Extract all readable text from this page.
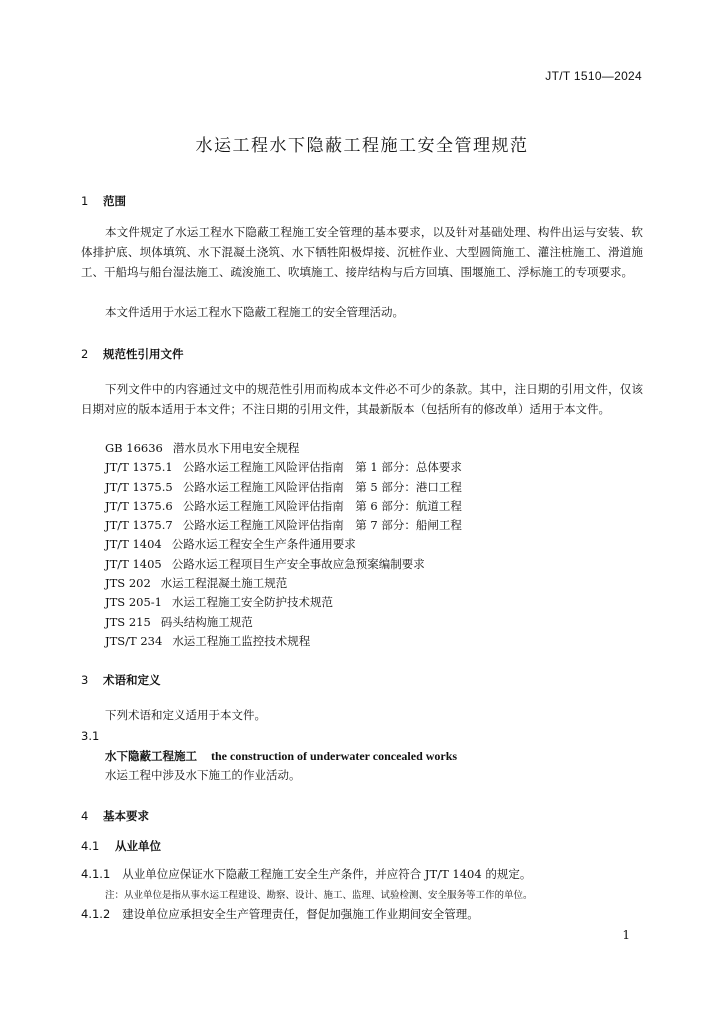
JT/T 1510—2024
水运工程水下隐蔽工程施工安全管理规范
1 范围

本文件规定了水运工程水下隐蔽工程施工安全管理的基本要求，以及针对基础处理、构件出运与安装、软体排护底、坝体填筑、水下混凝土浇筑、水下牺牲阳极焊接、沉桩作业、大型圆筒施工、灌注桩施工、滑道施工、干船坞与船台湿法施工、疏浚施工、吹填施工、接岸结构与后方回填、围堰施工、浮标施工的专项要求。

本文件适用于水运工程水下隐蔽工程施工的安全管理活动。

2 规范性引用文件

下列文件中的内容通过文中的规范性引用而构成本文件必不可少的条款。其中，注日期的引用文件，仅该日期对应的版本适用于本文件；不注日期的引用文件，其最新版本（包括所有的修改单）适用于本文件。

GB 16636 潜水员水下用电安全规程
JT/T 1375.1 公路水运工程施工风险评估指南　第 1 部分：总体要求
JT/T 1375.5 公路水运工程施工风险评估指南　第 5 部分：港口工程
JT/T 1375.6 公路水运工程施工风险评估指南　第 6 部分：航道工程
JT/T 1375.7 公路水运工程施工风险评估指南　第 7 部分：船闸工程
JT/T 1404 公路水运工程安全生产条件通用要求
JT/T 1405 公路水运工程项目生产安全事故应急预案编制要求
JTS 202 水运工程混凝土施工规范
JTS 205-1 水运工程施工安全防护技术规范
JTS 215 码头结构施工规范
JTS/T 234 水运工程施工监控技术规程
3 术语和定义

下列术语和定义适用于本文件。

3.1
水下隐蔽工程施工 the construction of underwater concealed works
水运工程中涉及水下施工的作业活动。
4 基本要求
4.1 从业单位
4.1.1 从业单位应保证水下隐蔽工程施工安全生产条件，并应符合 JT/T 1404 的规定。
注：从业单位是指从事水运工程建设、勘察、设计、施工、监理、试验检测、安全服务等工作的单位。
4.1.2 建设单位应承担安全生产管理责任，督促加强施工作业期间安全管理。
1
